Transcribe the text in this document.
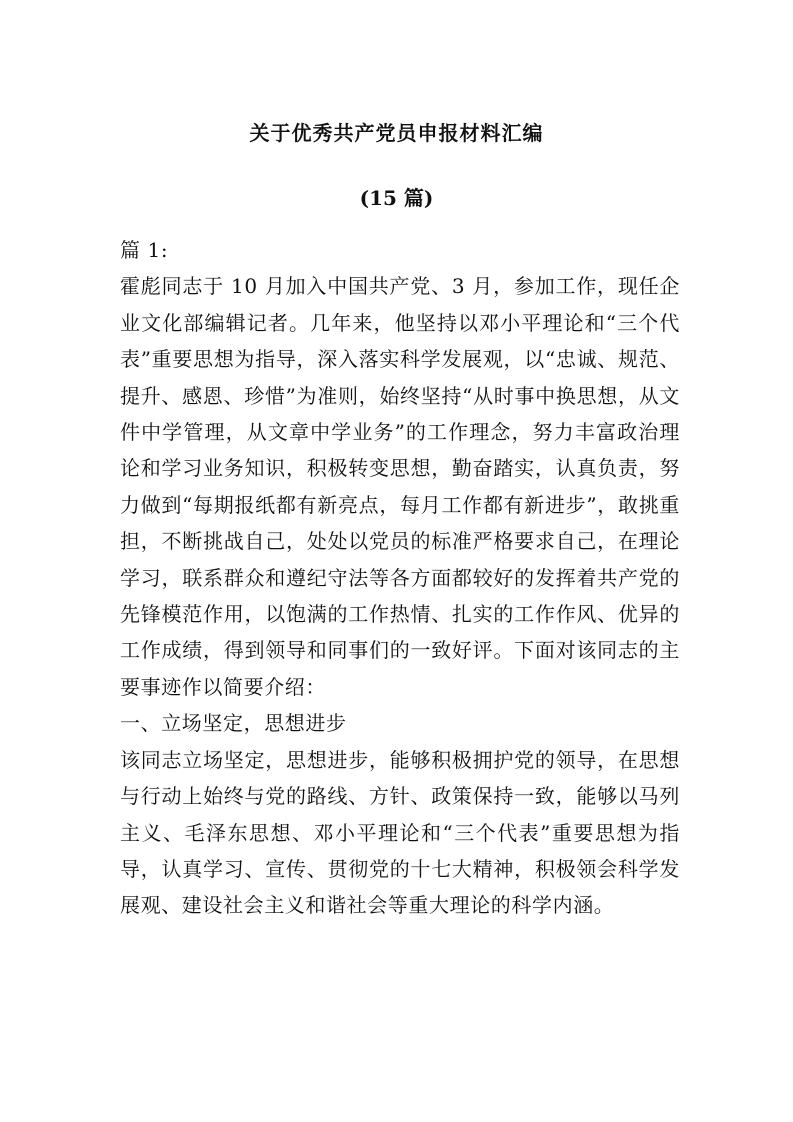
关于优秀共产党员申报材料汇编
(15 篇)

篇 1:

霍彪同志于 10 月加入中国共产党、3 月，参加工作，现任企业文化部编辑记者。几年来，他坚持以邓小平理论和“三个代表”重要思想为指导，深入落实科学发展观，以“忠诚、规范、提升、感恩、珍惜”为准则，始终坚持“从时事中换思想，从文件中学管理，从文章中学业务”的工作理念，努力丰富政治理论和学习业务知识，积极转变思想，勤奋踏实，认真负责，努力做到“每期报纸都有新亮点，每月工作都有新进步”，敢挑重担，不断挑战自己，处处以党员的标准严格要求自己，在理论学习，联系群众和遵纪守法等各方面都较好的发挥着共产党的先锋模范作用，以饱满的工作热情、扎实的工作作风、优异的工作成绩，得到领导和同事们的一致好评。下面对该同志的主要事迹作以简要介绍：

一、立场坚定，思想进步

该同志立场坚定，思想进步，能够积极拥护党的领导，在思想与行动上始终与党的路线、方针、政策保持一致，能够以马列主义、毛泽东思想、邓小平理论和“三个代表”重要思想为指导，认真学习、宣传、贯彻党的十七大精神，积极领会科学发展观、建设社会主义和谐社会等重大理论的科学内涵。
